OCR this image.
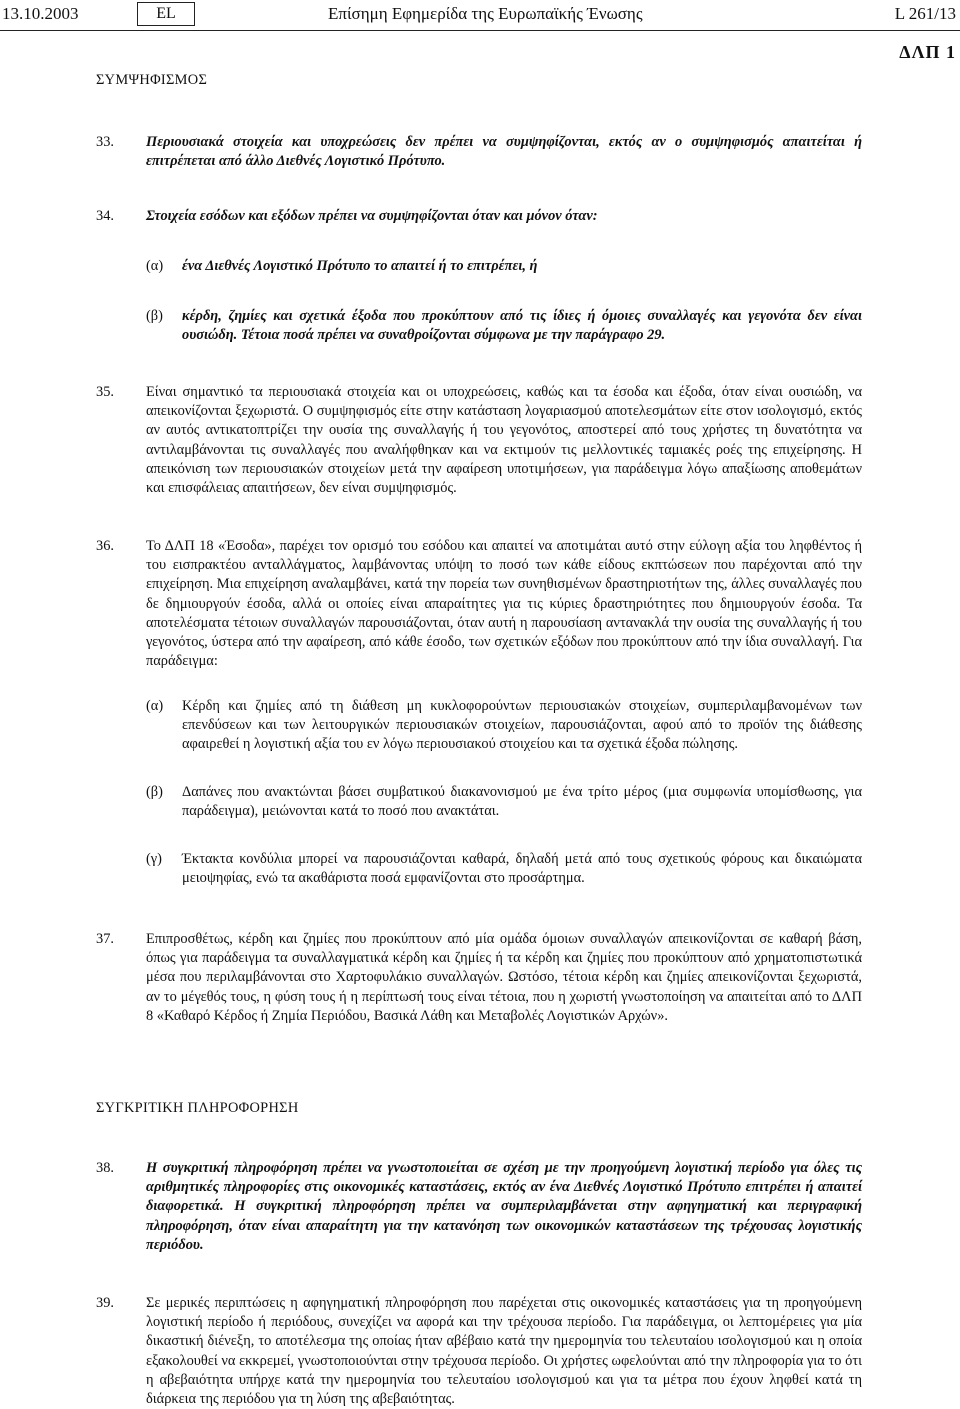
13.10.2003	EL	Επίσημη Εφημερίδα της Ευρωπαϊκής Ένωσης	L 261/13
ΔΛΠ 1
ΣΥΜΨΗΦΙΣΜΟΣ
33. Περιουσιακά στοιχεία και υποχρεώσεις δεν πρέπει να συμψηφίζονται, εκτός αν ο συμψηφισμός απαιτείται ή επιτρέπεται από άλλο Διεθνές Λογιστικό Πρότυπο.
34. Στοιχεία εσόδων και εξόδων πρέπει να συμψηφίζονται όταν και μόνον όταν:
(α) ένα Διεθνές Λογιστικό Πρότυπο το απαιτεί ή το επιτρέπει, ή
(β) κέρδη, ζημίες και σχετικά έξοδα που προκύπτουν από τις ίδιες ή όμοιες συναλλαγές και γεγονότα δεν είναι ουσιώδη. Τέτοια ποσά πρέπει να συναθροίζονται σύμφωνα με την παράγραφο 29.
35. Είναι σημαντικό τα περιουσιακά στοιχεία και οι υποχρεώσεις, καθώς και τα έσοδα και έξοδα, όταν είναι ουσιώδη, να απεικονίζονται ξεχωριστά. Ο συμψηφισμός είτε στην κατάσταση λογαριασμού αποτελεσμάτων είτε στον ισολογισμό, εκτός αν αυτός αντικατοπτρίζει την ουσία της συναλλαγής ή του γεγονότος, αποστερεί από τους χρήστες τη δυνατότητα να αντιλαμβάνονται τις συναλλαγές που αναλήφθηκαν και να εκτιμούν τις μελλοντικές ταμιακές ροές της επιχείρησης. Η απεικόνιση των περιουσιακών στοιχείων μετά την αφαίρεση υποτιμήσεων, για παράδειγμα λόγω απαξίωσης αποθεμάτων και επισφάλειας απαιτήσεων, δεν είναι συμψηφισμός.
36. Το ΔΛΠ 18 «Έσοδα», παρέχει τον ορισμό του εσόδου και απαιτεί να αποτιμάται αυτό στην εύλογη αξία του ληφθέντος ή του εισπρακτέου ανταλλάγματος, λαμβάνοντας υπόψη το ποσό των κάθε είδους εκπτώσεων που παρέχονται από την επιχείρηση. Μια επιχείρηση αναλαμβάνει, κατά την πορεία των συνηθισμένων δραστηριοτήτων της, άλλες συναλλαγές που δε δημιουργούν έσοδα, αλλά οι οποίες είναι απαραίτητες για τις κύριες δραστηριότητες που δημιουργούν έσοδα. Τα αποτελέσματα τέτοιων συναλλαγών παρουσιάζονται, όταν αυτή η παρουσίαση αντανακλά την ουσία της συναλλαγής ή του γεγονότος, ύστερα από την αφαίρεση, από κάθε έσοδο, των σχετικών εξόδων που προκύπτουν από την ίδια συναλλαγή. Για παράδειγμα:
(α) Κέρδη και ζημίες από τη διάθεση μη κυκλοφορούντων περιουσιακών στοιχείων, συμπεριλαμβανομένων των επενδύσεων και των λειτουργικών περιουσιακών στοιχείων, παρουσιάζονται, αφού από το προϊόν της διάθεσης αφαιρεθεί η λογιστική αξία του εν λόγω περιουσιακού στοιχείου και τα σχετικά έξοδα πώλησης.
(β) Δαπάνες που ανακτώνται βάσει συμβατικού διακανονισμού με ένα τρίτο μέρος (μια συμφωνία υπομίσθωσης, για παράδειγμα), μειώνονται κατά το ποσό που ανακτάται.
(γ) Έκτακτα κονδύλια μπορεί να παρουσιάζονται καθαρά, δηλαδή μετά από τους σχετικούς φόρους και δικαιώματα μειοψηφίας, ενώ τα ακαθάριστα ποσά εμφανίζονται στο προσάρτημα.
37. Επιπροσθέτως, κέρδη και ζημίες που προκύπτουν από μία ομάδα όμοιων συναλλαγών απεικονίζονται σε καθαρή βάση, όπως για παράδειγμα τα συναλλαγματικά κέρδη και ζημίες ή τα κέρδη και ζημίες που προκύπτουν από χρηματοπιστωτικά μέσα που περιλαμβάνονται στο Χαρτοφυλάκιο συναλλαγών. Ωστόσο, τέτοια κέρδη και ζημίες απεικονίζονται ξεχωριστά, αν το μέγεθός τους, η φύση τους ή η περίπτωσή τους είναι τέτοια, που η χωριστή γνωστοποίηση να απαιτείται από το ΔΛΠ 8 «Καθαρό Κέρδος ή Ζημία Περιόδου, Βασικά Λάθη και Μεταβολές Λογιστικών Αρχών».
ΣΥΓΚΡΙΤΙΚΗ ΠΛΗΡΟΦΟΡΗΣΗ
38. Η συγκριτική πληροφόρηση πρέπει να γνωστοποιείται σε σχέση με την προηγούμενη λογιστική περίοδο για όλες τις αριθμητικές πληροφορίες στις οικονομικές καταστάσεις, εκτός αν ένα Διεθνές Λογιστικό Πρότυπο επιτρέπει ή απαιτεί διαφορετικά. Η συγκριτική πληροφόρηση πρέπει να συμπεριλαμβάνεται στην αφηγηματική και περιγραφική πληροφόρηση, όταν είναι απαραίτητη για την κατανόηση των οικονομικών καταστάσεων της τρέχουσας λογιστικής περιόδου.
39. Σε μερικές περιπτώσεις η αφηγηματική πληροφόρηση που παρέχεται στις οικονομικές καταστάσεις για τη προηγούμενη λογιστική περίοδο ή περιόδους, συνεχίζει να αφορά και την τρέχουσα περίοδο. Για παράδειγμα, οι λεπτομέρειες για μία δικαστική διένεξη, το αποτέλεσμα της οποίας ήταν αβέβαιο κατά την ημερομηνία του τελευταίου ισολογισμού και η οποία εξακολουθεί να εκκρεμεί, γνωστοποιούνται στην τρέχουσα περίοδο. Οι χρήστες ωφελούνται από την πληροφορία για το ότι η αβεβαιότητα υπήρχε κατά την ημερομηνία του τελευταίου ισολογισμού και για τα μέτρα που έχουν ληφθεί κατά τη διάρκεια της περιόδου για τη λύση της αβεβαιότητας.
